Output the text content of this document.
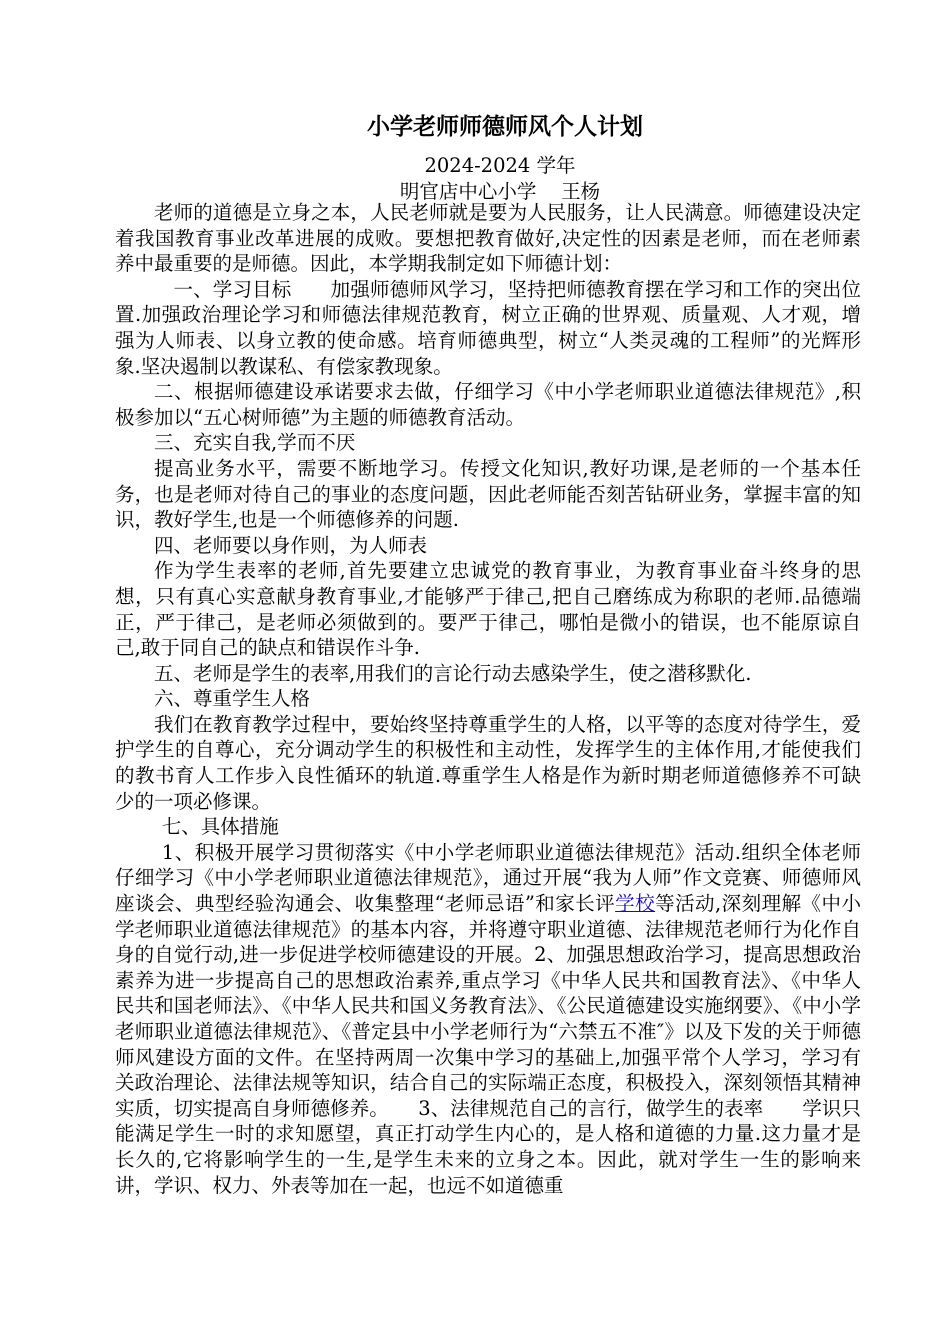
小学老师师德师风个人计划
2024-2024 学年
明官店中心小学    王杨

老师的道德是立身之本，人民老师就是要为人民服务，让人民满意。师德建设决定着我国教育事业改革进展的成败。要想把教育做好,决定性的因素是老师，而在老师素养中最重要的是师德。因此，本学期我制定如下师德计划：

一、学习目标　　加强师德师风学习，坚持把师德教育摆在学习和工作的突出位置.加强政治理论学习和师德法律规范教育，树立正确的世界观、质量观、人才观，增强为人师表、以身立教的使命感。培育师德典型，树立“人类灵魂的工程师”的光辉形象.坚决遏制以教谋私、有偿家教现象。

二、根据师德建设承诺要求去做，仔细学习《中小学老师职业道德法律规范》,积极参加以“五心树师德”为主题的师德教育活动。

三、充实自我,学而不厌

提高业务水平，需要不断地学习。传授文化知识,教好功课,是老师的一个基本任务，也是老师对待自己的事业的态度问题，因此老师能否刻苦钻研业务，掌握丰富的知识，教好学生,也是一个师德修养的问题.

四、老师要以身作则，为人师表

作为学生表率的老师,首先要建立忠诚党的教育事业，为教育事业奋斗终身的思想，只有真心实意献身教育事业,才能够严于律己,把自己磨练成为称职的老师.品德端正，严于律己，是老师必须做到的。要严于律己，哪怕是微小的错误，也不能原谅自己,敢于同自己的缺点和错误作斗争.

五、老师是学生的表率,用我们的言论行动去感染学生，使之潜移默化.

六、尊重学生人格

我们在教育教学过程中，要始终坚持尊重学生的人格，以平等的态度对待学生，爱护学生的自尊心，充分调动学生的积极性和主动性，发挥学生的主体作用,才能使我们的教书育人工作步入良性循环的轨道.尊重学生人格是作为新时期老师道德修养不可缺少的一项必修课。

七、具体措施

1、积极开展学习贯彻落实《中小学老师职业道德法律规范》活动.组织全体老师仔细学习《中小学老师职业道德法律规范》，通过开展“我为人师”作文竞赛、师德师风座谈会、典型经验沟通会、收集整理“老师忌语”和家长评学校等活动,深刻理解《中小学老师职业道德法律规范》的基本内容，并将遵守职业道德、法律规范老师行为化作自身的自觉行动,进一步促进学校师德建设的开展。2、加强思想政治学习，提高思想政治素养为进一步提高自己的思想政治素养,重点学习《中华人民共和国教育法》、《中华人民共和国老师法》、《中华人民共和国义务教育法》、《公民道德建设实施纲要》、《中小学老师职业道德法律规范》、《普定县中小学老师行为“六禁五不准″》以及下发的关于师德师风建设方面的文件。在坚持两周一次集中学习的基础上,加强平常个人学习，学习有关政治理论、法律法规等知识，结合自己的实际端正态度，积极投入，深刻领悟其精神实质，切实提高自身师德修养。　　3、法律规范自己的言行，做学生的表率　　学识只能满足学生一时的求知愿望，真正打动学生内心的，是人格和道德的力量.这力量才是长久的,它将影响学生的一生,是学生未来的立身之本。因此，就对学生一生的影响来讲，学识、权力、外表等加在一起，也远不如道德重
